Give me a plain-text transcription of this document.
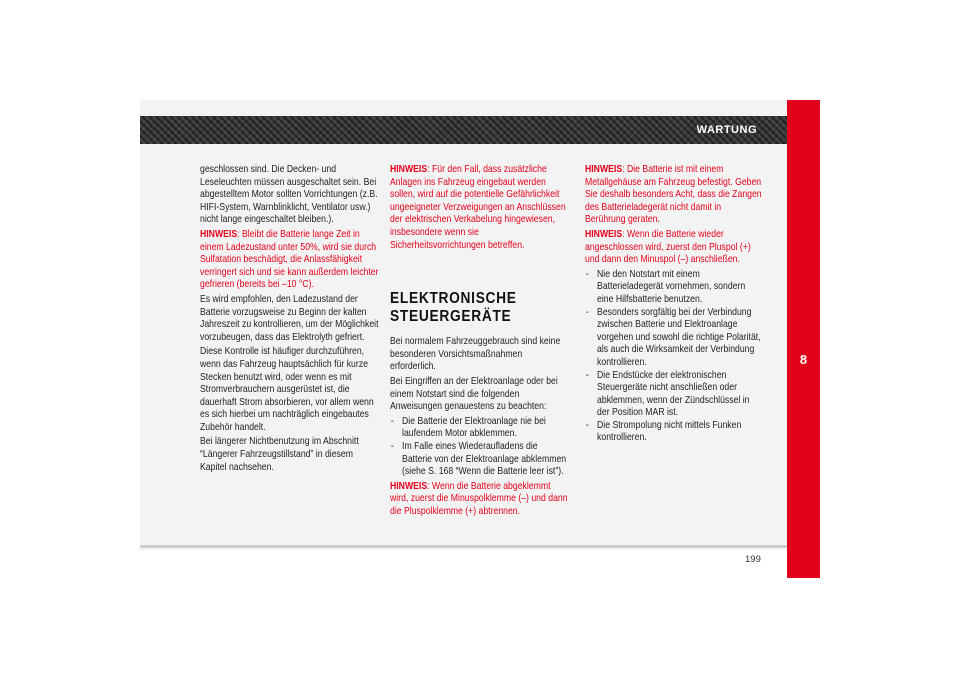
WARTUNG
8

geschlossen sind. Die Decken- und Leseleuchten müssen ausgeschaltet sein. Bei abgestelltem Motor sollten Vorrichtungen (z.B. HIFI-System, Warnblinklicht, Ventilator usw.) nicht lange eingeschaltet bleiben.).

HINWEIS: Bleibt die Batterie lange Zeit in einem Ladezustand unter 50%, wird sie durch Sulfatation beschädigt, die Anlassfähigkeit verringert sich und sie kann außerdem leichter gefrieren (bereits bei –10 °C).

Es wird empfohlen, den Ladezustand der Batterie vorzugsweise zu Beginn der kalten Jahreszeit zu kontrollieren, um der Möglichkeit vorzubeugen, dass das Elektrolyth gefriert.

Diese Kontrolle ist häufiger durchzuführen, wenn das Fahrzeug hauptsächlich für kurze Stecken benutzt wird, oder wenn es mit Stromverbrauchern ausgerüstet ist, die dauerhaft Strom absorbieren, vor allem wenn es sich hierbei um nachträglich eingebautes Zubehör handelt.

Bei längerer Nichtbenutzung im Abschnitt “Längerer Fahrzeugstillstand” in diesem Kapitel nachsehen.

HINWEIS: Für den Fall, dass zusätzliche Anlagen ins Fahrzeug eingebaut werden sollen, wird auf die potentielle Gefährlichkeit ungeeigneter Verzweigungen an Anschlüssen der elektrischen Verkabelung hingewiesen, insbesondere wenn sie Sicherheitsvorrichtungen betreffen.

ELEKTRONISCHE
STEUERGERÄTE

Bei normalem Fahrzeuggebrauch sind keine besonderen Vorsichtsmaßnahmen erforderlich.

Bei Eingriffen an der Elektroanlage oder bei einem Notstart sind die folgenden Anweisungen genauestens zu beachten:

- Die Batterie der Elektroanlage nie bei laufendem Motor abklemmen.
- Im Falle eines Wiederaufladens die Batterie von der Elektroanlage abklemmen (siehe S. 168 “Wenn die Batterie leer ist”).

HINWEIS: Wenn die Batterie abgeklemmt wird, zuerst die Minuspolklemme (–) und dann die Pluspolklemme (+) abtrennen.

HINWEIS: Die Batterie ist mit einem Metallgehäuse am Fahrzeug befestigt. Geben Sie deshalb besonders Acht, dass die Zangen des Batterieladegerät nicht damit in Berührung geraten.

HINWEIS: Wenn die Batterie wieder angeschlossen wird, zuerst den Pluspol (+) und dann den Minuspol (–) anschließen.

- Nie den Notstart mit einem Batterieladegerät vornehmen, sondern eine Hilfsbatterie benutzen.
- Besonders sorgfältig bei der Verbindung zwischen Batterie und Elektroanlage vorgehen und sowohl die richtige Polarität, als auch die Wirksamkeit der Verbindung kontrollieren.
- Die Endstücke der elektronischen Steuergeräte nicht anschließen oder abklemmen, wenn der Zündschlüssel in der Position MAR ist.
- Die Strompolung nicht mittels Funken kontrollieren.
199
